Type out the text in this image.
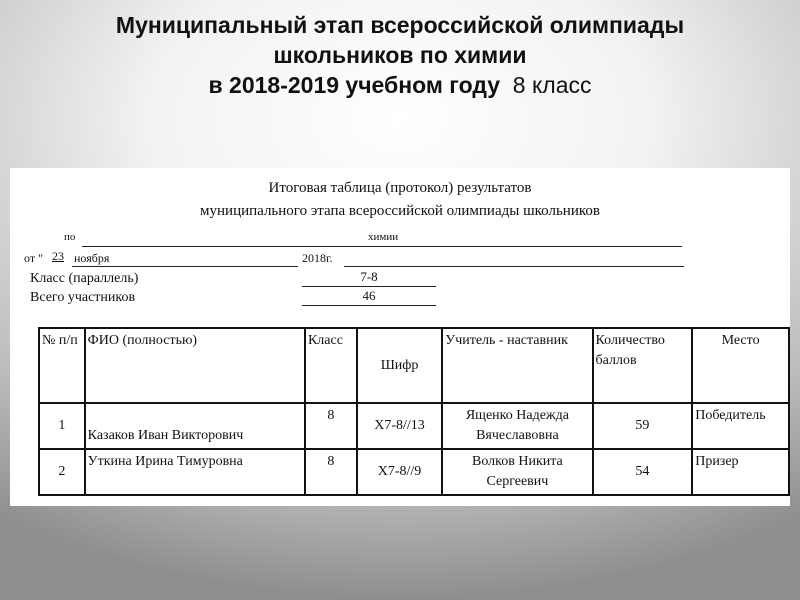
Муниципальный этап всероссийской олимпиады
школьников по химии
в 2018-2019 учебном году 8 класс
Итоговая таблица (протокол) результатов
муниципального этапа всероссийской олимпиады школьников
по	химии
от " 23 ноября	2018г.
Класс (параллель)	7-8
Всего участников	46
№ п/п	ФИО (полностью)	Класс	Шифр	Учитель - наставник	Количество баллов	Место
1	Казаков Иван Викторович	8	Х7-8//13	Ященко Надежда Вячеславовна	59	Победитель
2	Уткина Ирина Тимуровна	8	Х7-8//9	Волков Никита Сергеевич	54	Призер
